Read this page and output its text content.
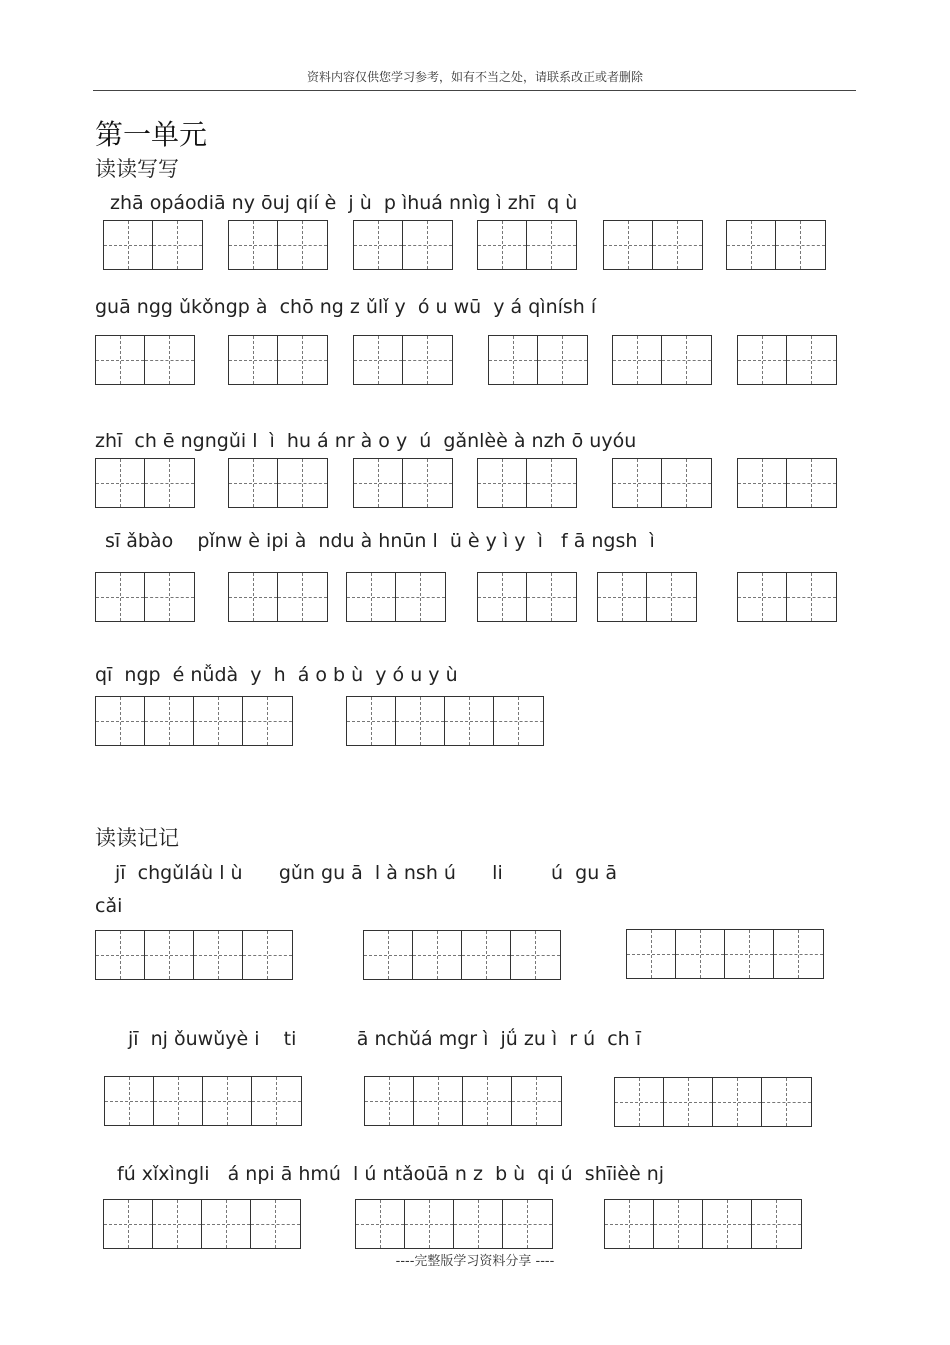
资料内容仅供您学习参考，如有不当之处，请联系改正或者删除
第一单元
读读写写

zhā opáodiā ny ōuj qií è  j ù  p ìhuá nnìg ì zhī  q ù

guā ngg ǔkǒngp à  chō ng z ǔlǐ y  ó u wū  y á qìnísh í

zhī  ch ē ngngǔi l  ì  hu á nr à o y  ú  gǎnlèè à nzh ō uyóu

sī ǎbào    pǐnw è ipi à  ndu à hnūn l  ü è y ì y  ì   f ā ngsh  ì

qī  ngp  é nǚdà  y  h  á o b ù  y ó u y ù

读读记记

jī  chgǔláù l ù      gǔn gu ā  l à nsh ú      li        ú  gu ā

cǎi

jī  nj ǒuwǔyè i    ti          ā nchǔá mgr ì  jǘ zu ì  r ú  ch ī

fú xǐxìngli   á npi ā hmú  l ú ntǎoūā n z  b ù  qi ú  shīièè nj

----完整版学习资料分享 ----
